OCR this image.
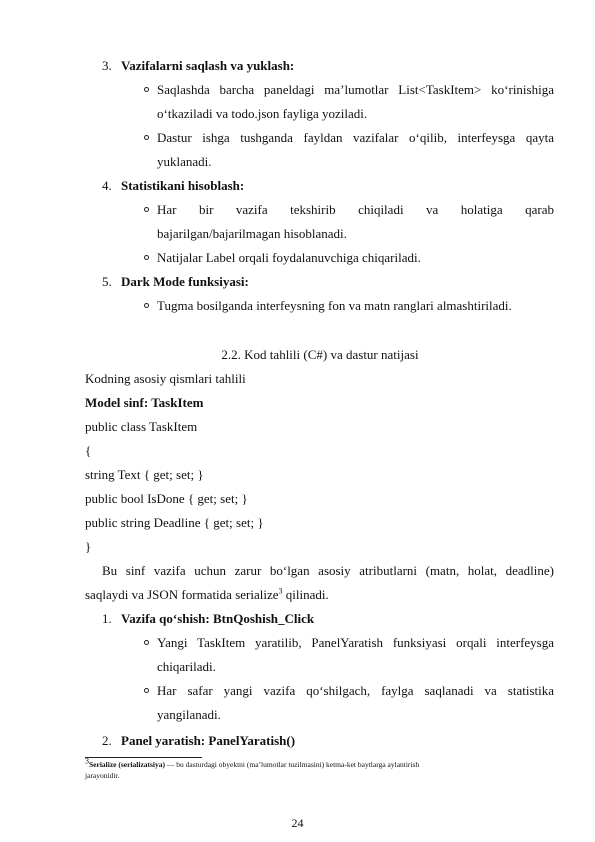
3. Vazifalarni saqlash va yuklash:
Saqlashda barcha paneldagi ma’lumotlar List<TaskItem> ko‘rinishiga
o‘tkaziladi va todo.json fayliga yoziladi.
Dastur ishga tushganda fayldan vazifalar o‘qilib, interfeysga qayta
yuklanadi.
4. Statistikani hisoblash:
Har bir vazifa tekshirib chiqiladi va holatiga qarab
bajarilgan/bajarilmagan hisoblanadi.
Natijalar Label orqali foydalanuvchiga chiqariladi.
5. Dark Mode funksiyasi:
Tugma bosilganda interfeysning fon va matn ranglari almashtiriladi.
2.2. Kod tahlili (C#) va dastur natijasi
Kodning asosiy qismlari tahlili
Model sinf: TaskItem
public class TaskItem
{
string Text { get; set; }
public bool IsDone { get; set; }
public string Deadline { get; set; }
}
Bu sinf vazifa uchun zarur bo‘lgan asosiy atributlarni (matn, holat, deadline)
saqlaydi va JSON formatida serialize$^3$ qilinadi.
1. Vazifa qo‘shish: BtnQoshish_Click
Yangi TaskItem yaratilib, PanelYaratish funksiyasi orqali interfeysga
chiqariladi.
Har safar yangi vazifa qo‘shilgach, faylga saqlanadi va statistika
yangilanadi.
2. Panel yaratish: PanelYaratish()
$^3$Serialize (serializatsiya) — bu dasturdagi obyektni (ma’lumotlar tuzilmasini) ketma-ket baytlarga aylantirish
jarayonidir.
24
